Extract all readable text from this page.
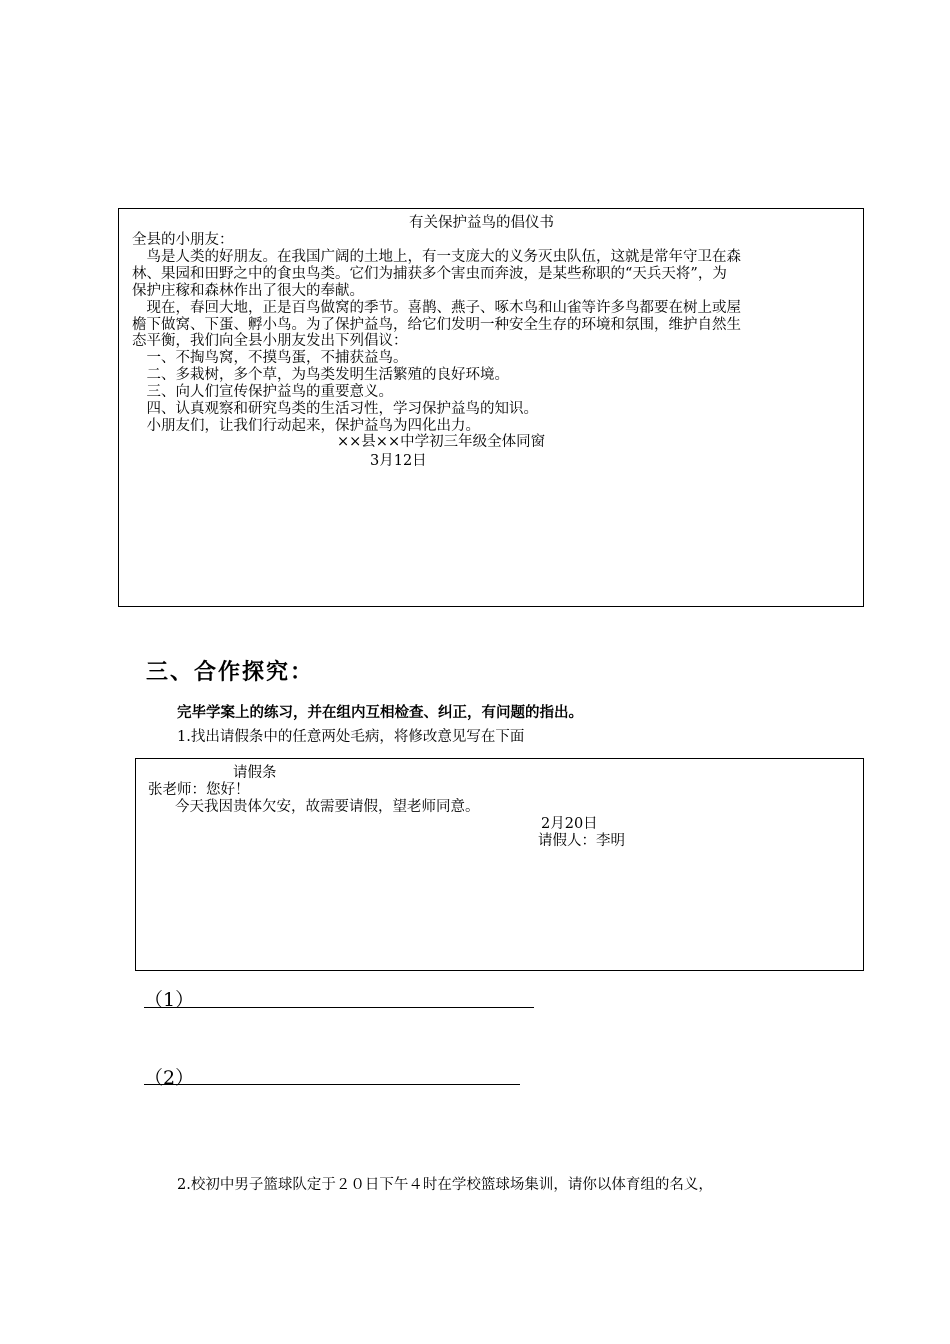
有关保护益鸟的倡仪书
全县的小朋友：
　鸟是人类的好朋友。在我国广阔的土地上，有一支庞大的义务灭虫队伍，这就是常年守卫在森
林、果园和田野之中的食虫鸟类。它们为捕获多个害虫而奔波，是某些称职的“天兵天将”，为
保护庄稼和森林作出了很大的奉献。
　现在，春回大地，正是百鸟做窝的季节。喜鹊、燕子、啄木鸟和山雀等许多鸟都要在树上或屋
檐下做窝、下蛋、孵小鸟。为了保护益鸟，给它们发明一种安全生存的环境和氛围，维护自然生
态平衡，我们向全县小朋友发出下列倡议：
　一、不掏鸟窝，不摸鸟蛋，不捕获益鸟。
　二、多栽树，多个草，为鸟类发明生活繁殖的良好环境。
　三、向人们宣传保护益鸟的重要意义。
　四、认真观察和研究鸟类的生活习性，学习保护益鸟的知识。
　小朋友们，让我们行动起来，保护益鸟为四化出力。
××县××中学初三年级全体同窗
3月12日
三、合作探究：
完毕学案上的练习，并在组内互相检查、纠正，有问题的指出。
1.找出请假条中的任意两处毛病，将修改意见写在下面
请假条
张老师：您好！
今天我因贵体欠安，故需要请假，望老师同意。
2月20日
请假人：李明
（1）
（2）
2.校初中男子篮球队定于２０日下午４时在学校篮球场集训，请你以体育组的名义，
